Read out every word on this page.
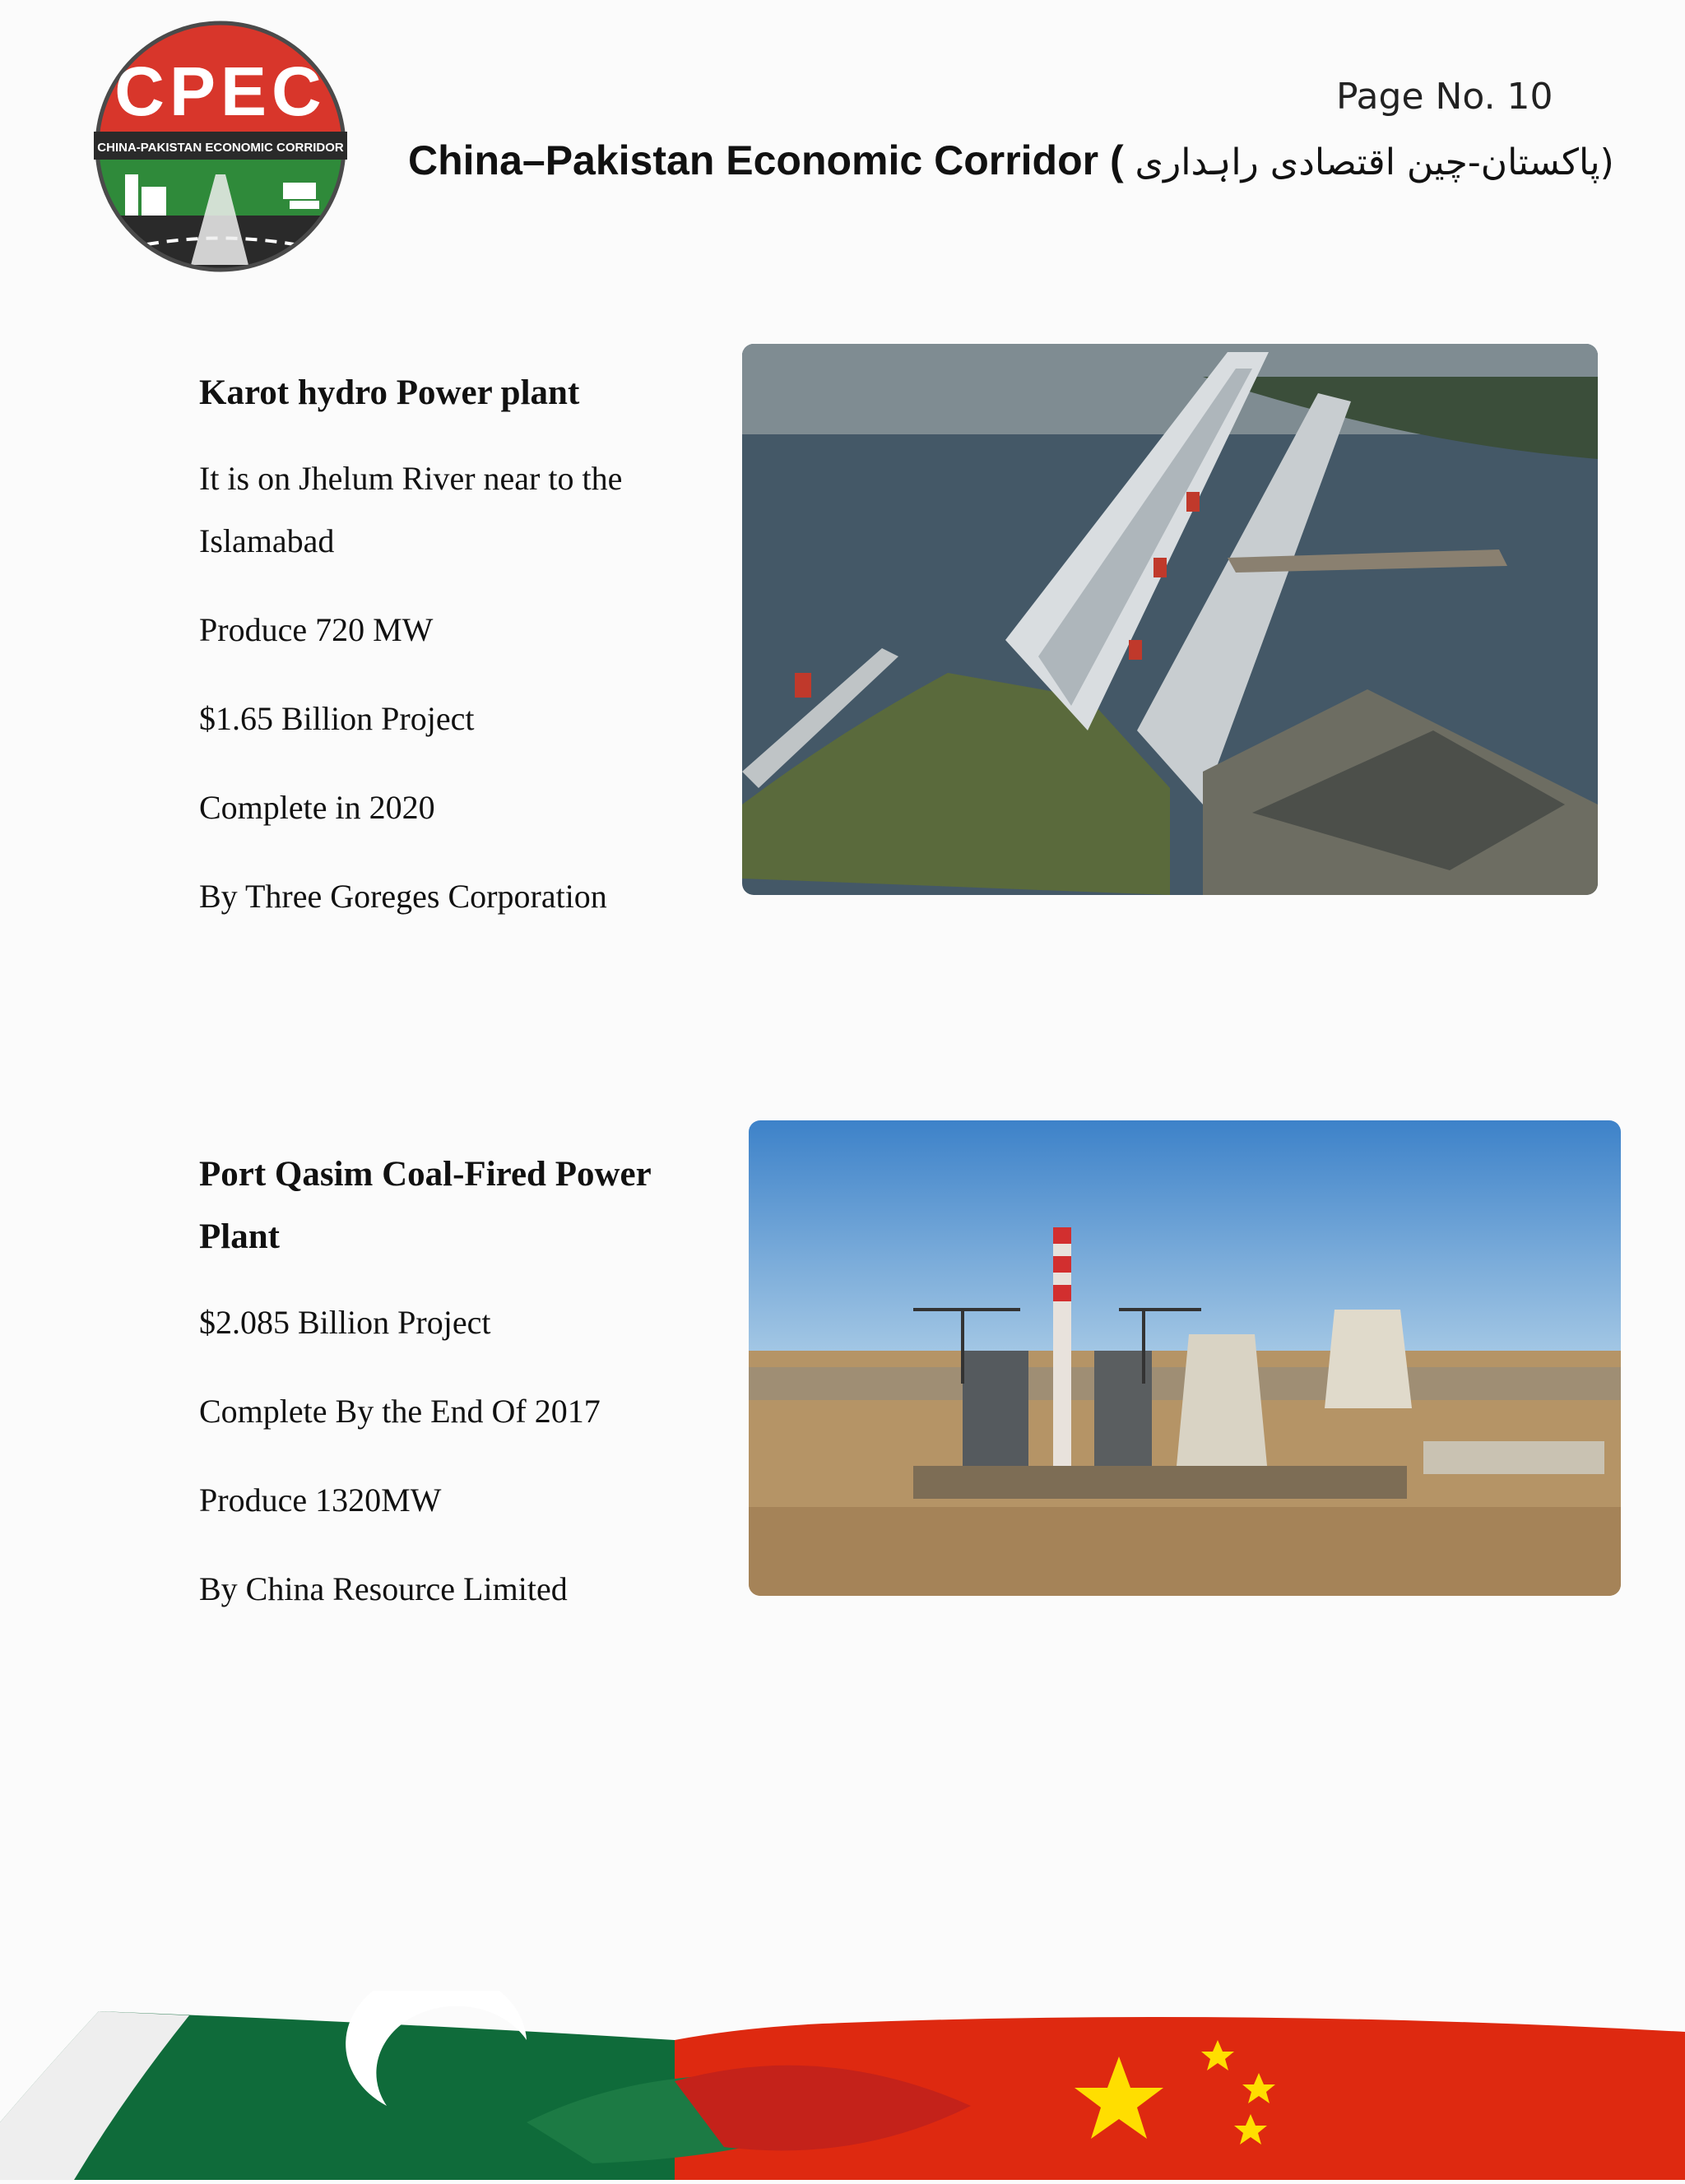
CHINA-PAKISTAN ECONOMIC CORRIDOR
CPEC	Page No. 10
China–Pakistan Economic Corridor ( پاکستان-چین اقتصادی راہداری)

Karot hydro Power plant

It is on Jhelum River near to the Islamabad

Produce 720 MW

$1.65 Billion Project

Complete in 2020

By Three Goreges Corporation

Port Qasim Coal-Fired Power Plant

$2.085 Billion Project

Complete By the End Of 2017

Produce 1320MW

By China Resource Limited
